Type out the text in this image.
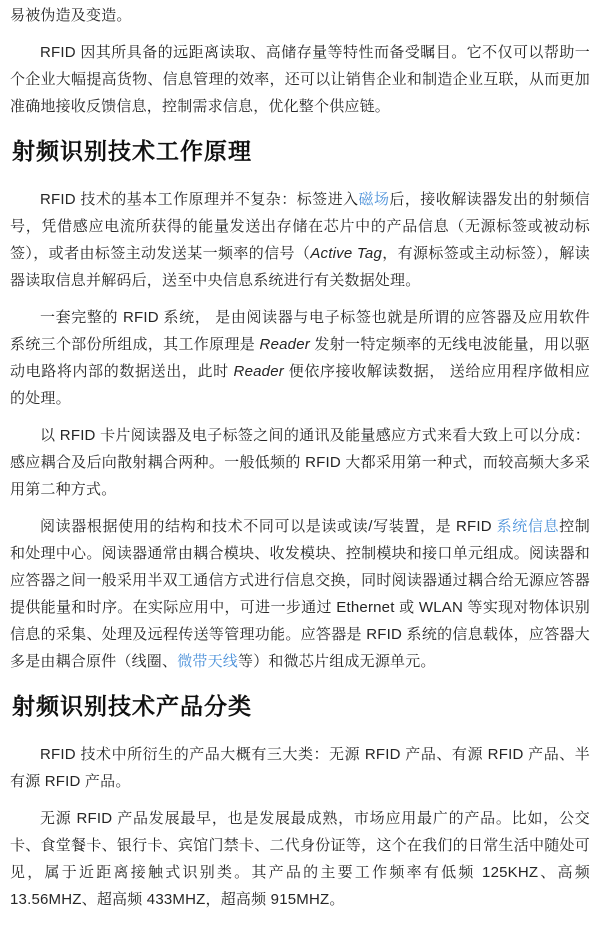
易被伪造及变造。

RFID 因其所具备的远距离读取、高储存量等特性而备受瞩目。它不仅可以帮助一个企业大幅提高货物、信息管理的效率，还可以让销售企业和制造企业互联，从而更加准确地接收反馈信息，控制需求信息，优化整个供应链。

射频识别技术工作原理

RFID 技术的基本工作原理并不复杂：标签进入磁场后，接收解读器发出的射频信号，凭借感应电流所获得的能量发送出存储在芯片中的产品信息（无源标签或被动标签），或者由标签主动发送某一频率的信号（Active Tag，有源标签或主动标签），解读器读取信息并解码后，送至中央信息系统进行有关数据处理。

一套完整的 RFID 系统， 是由阅读器与电子标签也就是所谓的应答器及应用软件系统三个部份所组成，其工作原理是 Reader 发射一特定频率的无线电波能量，用以驱动电路将内部的数据送出，此时 Reader 便依序接收解读数据， 送给应用程序做相应的处理。

以 RFID 卡片阅读器及电子标签之间的通讯及能量感应方式来看大致上可以分成：感应耦合及后向散射耦合两种。一般低频的 RFID 大都采用第一种式，而较高频大多采用第二种方式。

阅读器根据使用的结构和技术不同可以是读或读/写装置，是 RFID 系统信息控制和处理中心。阅读器通常由耦合模块、收发模块、控制模块和接口单元组成。阅读器和应答器之间一般采用半双工通信方式进行信息交换，同时阅读器通过耦合给无源应答器提供能量和时序。在实际应用中，可进一步通过 Ethernet 或 WLAN 等实现对物体识别信息的采集、处理及远程传送等管理功能。应答器是 RFID 系统的信息载体，应答器大多是由耦合原件（线圈、微带天线等）和微芯片组成无源单元。

射频识别技术产品分类

RFID 技术中所衍生的产品大概有三大类：无源 RFID 产品、有源 RFID 产品、半有源 RFID 产品。

无源 RFID 产品发展最早，也是发展最成熟，市场应用最广的产品。比如，公交卡、食堂餐卡、银行卡、宾馆门禁卡、二代身份证等，这个在我们的日常生活中随处可见，属于近距离接触式识别类。其产品的主要工作频率有低频 125KHZ、高频 13.56MHZ、超高频 433MHZ，超高频 915MHZ。
